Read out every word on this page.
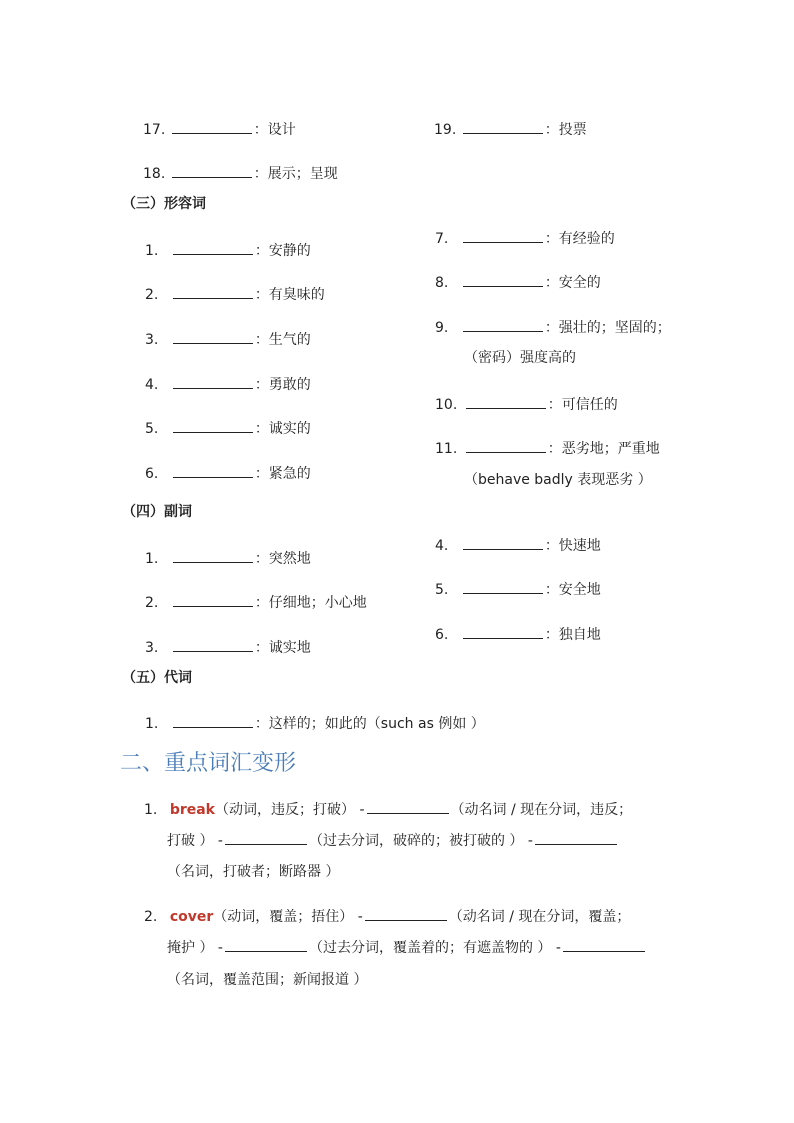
17.	：设计
18.	：展示；呈现
19.	：投票
（三）形容词
1.	：安静的
2.	：有臭味的
3.	：生气的
4.	：勇敢的
5.	：诚实的
6.	：紧急的
7.	：有经验的
8.	：安全的
9.	：强壮的；坚固的；
（密码）强度高的
10.	：可信任的
11.	：恶劣地；严重地
（behave badly 表现恶劣 ）
（四）副词
1.	：突然地
2.	：仔细地；小心地
3.	：诚实地
4.	：快速地
5.	：安全地
6.	：独自地
（五）代词
1.	：这样的；如此的（such as 例如 ）
二、重点词汇变形
1. break（动词，违反；打破） -	（动名词 / 现在分词，违反；
打破 ） -	（过去分词，破碎的；被打破的 ） -
（名词，打破者；断路器 ）
2. cover（动词，覆盖；捂住） -	（动名词 / 现在分词，覆盖；
掩护 ） -	（过去分词，覆盖着的；有遮盖物的 ） -
（名词，覆盖范围；新闻报道 ）
